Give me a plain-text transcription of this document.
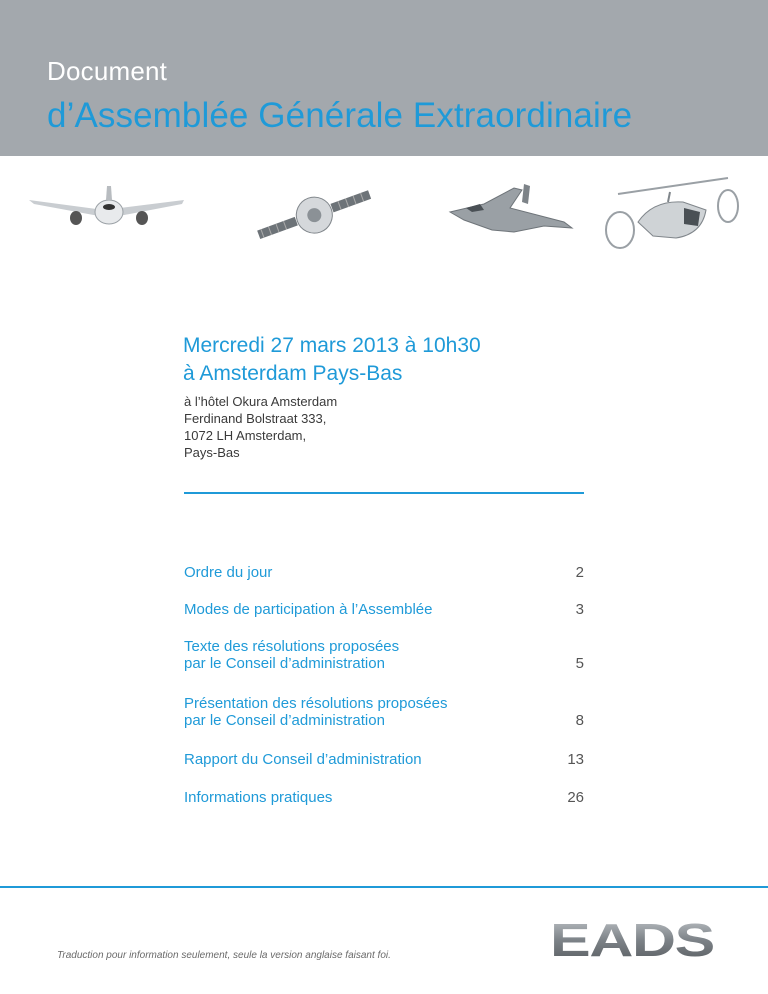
Document
d’Assemblée Générale Extraordinaire
Mercredi 27 mars 2013 à 10h30
à Amsterdam Pays-Bas
à l’hôtel Okura Amsterdam
Ferdinand Bolstraat 333,
1072 LH Amsterdam,
Pays-Bas
Ordre du jour	2
Modes de participation à l’Assemblée	3
Texte des résolutions proposées
par le Conseil d’administration	5
Présentation des résolutions proposées
par le Conseil d’administration	8
Rapport du Conseil d’administration	13
Informations pratiques	26
Traduction pour information seulement, seule la version anglaise faisant foi.	EADS
